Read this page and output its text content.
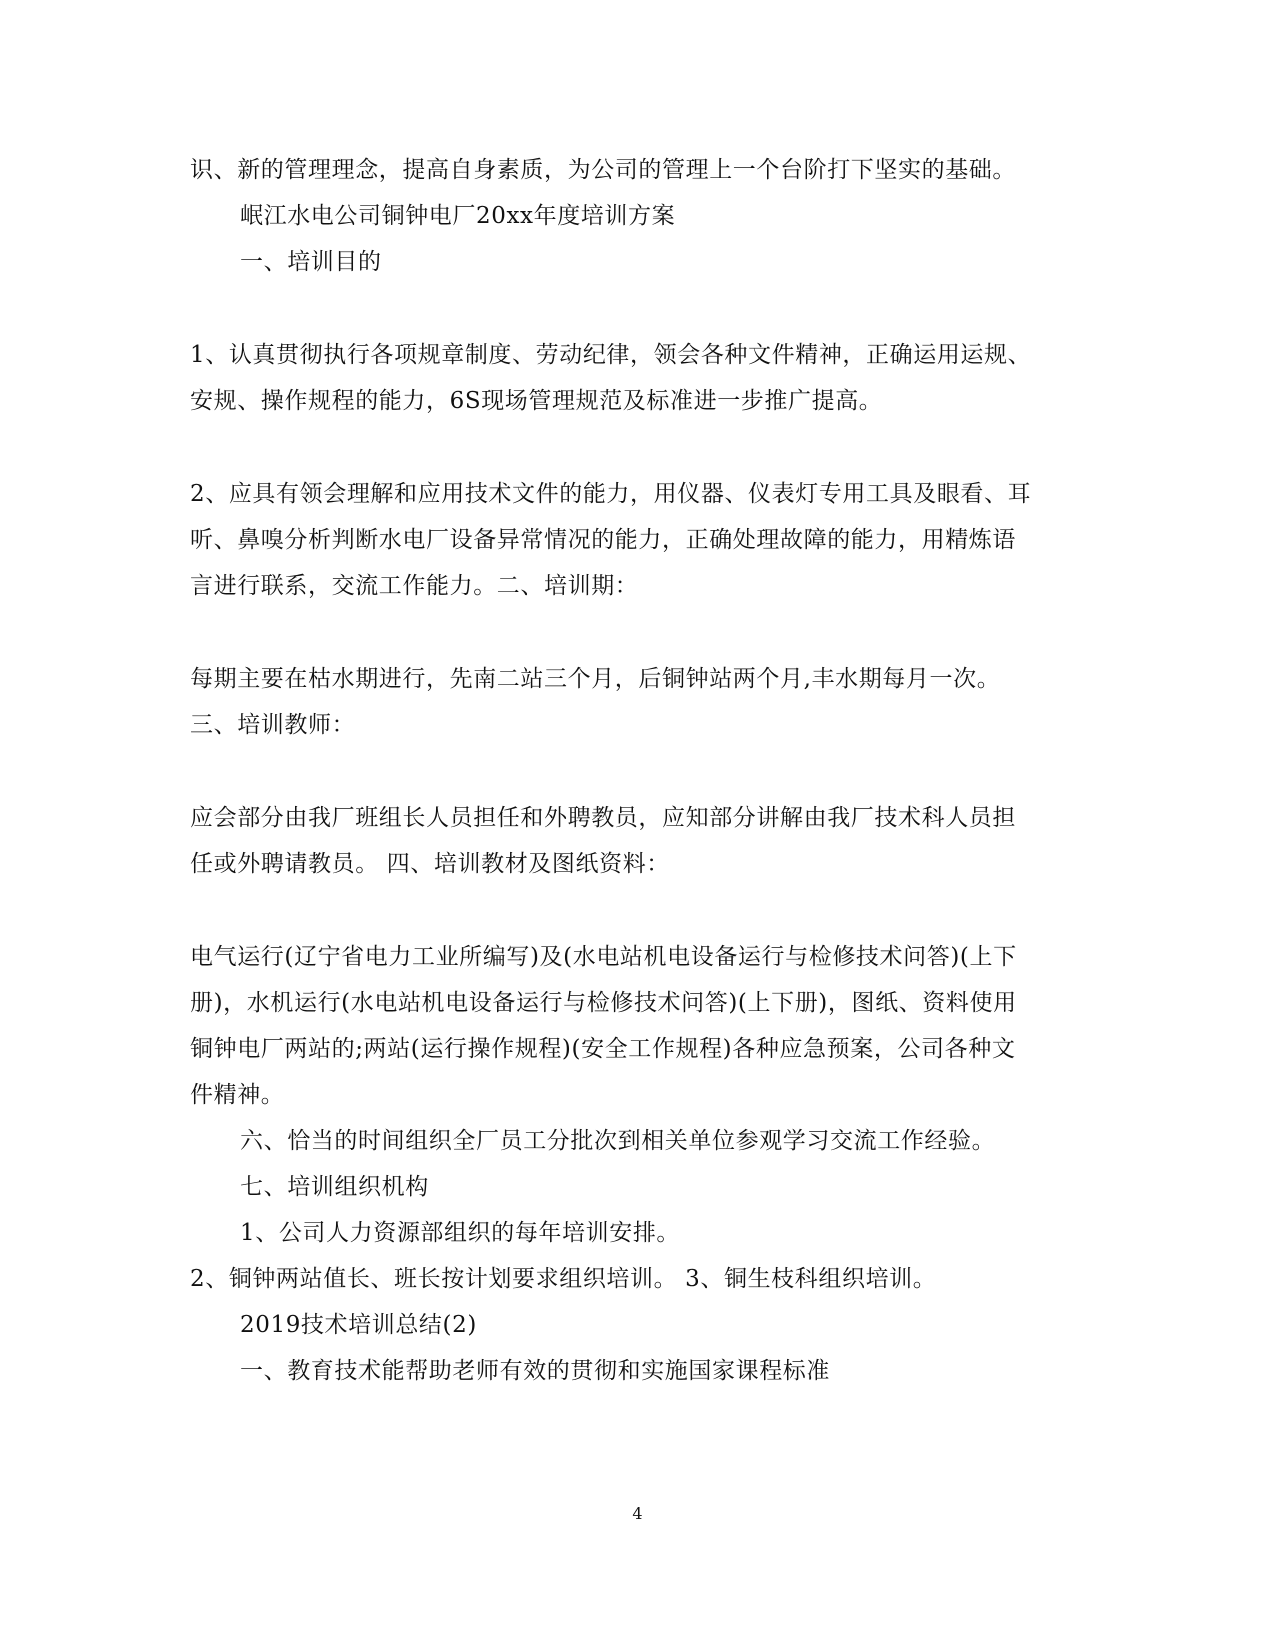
识、新的管理理念，提高自身素质，为公司的管理上一个台阶打下坚实的基础。
岷江水电公司铜钟电厂20xx年度培训方案
一、培训目的
1、认真贯彻执行各项规章制度、劳动纪律，领会各种文件精神，正确运用运规、
安规、操作规程的能力，6S现场管理规范及标准进一步推广提高。
2、应具有领会理解和应用技术文件的能力，用仪器、仪表灯专用工具及眼看、耳
听、鼻嗅分析判断水电厂设备异常情况的能力，正确处理故障的能力，用精炼语
言进行联系，交流工作能力。二、培训期：
每期主要在枯水期进行，先南二站三个月，后铜钟站两个月,丰水期每月一次。
三、培训教师：
应会部分由我厂班组长人员担任和外聘教员，应知部分讲解由我厂技术科人员担
任或外聘请教员。 四、培训教材及图纸资料：
电气运行(辽宁省电力工业所编写)及(水电站机电设备运行与检修技术问答)(上下
册)，水机运行(水电站机电设备运行与检修技术问答)(上下册)，图纸、资料使用
铜钟电厂两站的;两站(运行操作规程)(安全工作规程)各种应急预案，公司各种文
件精神。
六、恰当的时间组织全厂员工分批次到相关单位参观学习交流工作经验。
七、培训组织机构
1、公司人力资源部组织的每年培训安排。
2、铜钟两站值长、班长按计划要求组织培训。 3、铜生枝科组织培训。
2019技术培训总结(2)
一、教育技术能帮助老师有效的贯彻和实施国家课程标准
4
